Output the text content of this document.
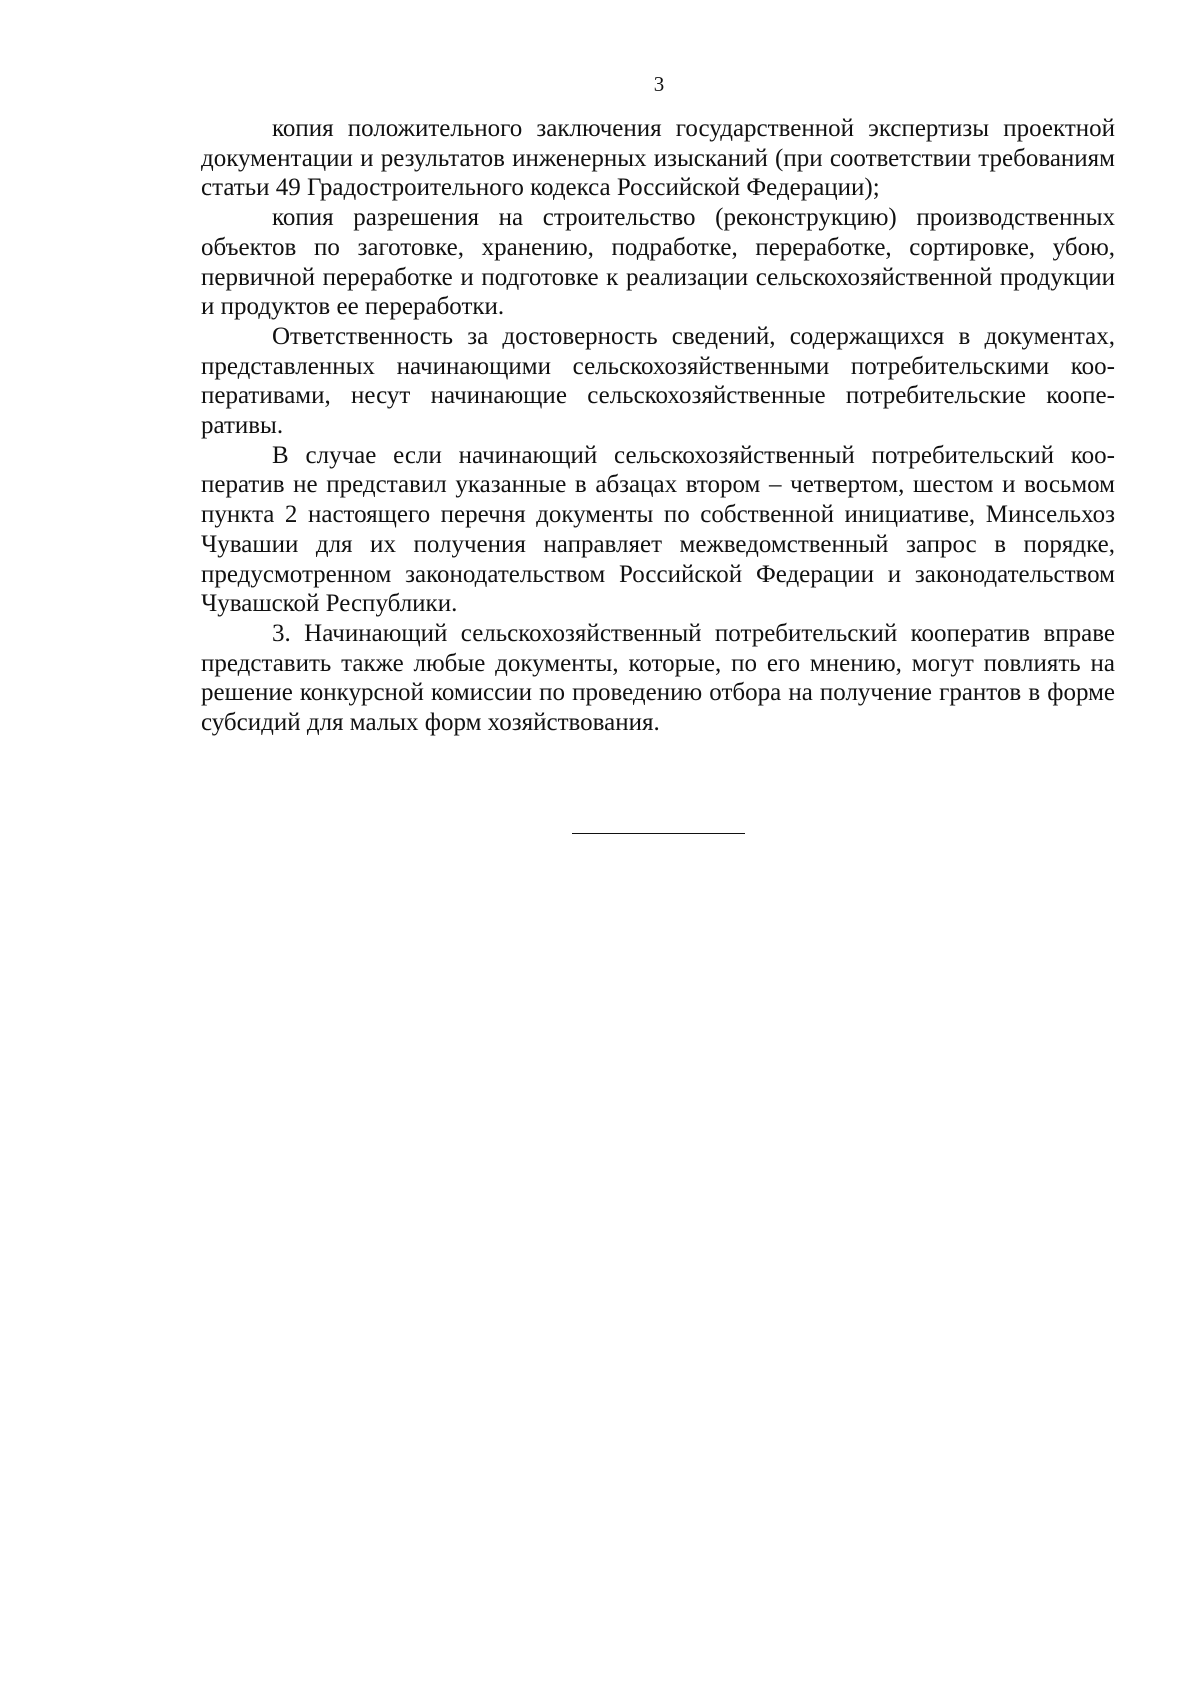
3

копия положительного заключения государственной экспертизы проектной документации и результатов инженерных изысканий (при соответствии требованиям статьи 49 Градостроительного кодекса Российской Федерации);

копия разрешения на строительство (реконструкцию) производственных объектов по заготовке, хранению, подработке, переработке, сортировке, убою, первичной переработке и подготовке к реализации сельскохозяйственной продукции и продуктов ее переработки.

Ответственность за достоверность сведений, содержащихся в документах, представленных начинающими сельскохозяйственными потребительскими кооперативами, несут начинающие сельскохозяйственные потребительские кооперативы.

В случае если начинающий сельскохозяйственный потребительский кооператив не представил указанные в абзацах втором – четвертом, шестом и восьмом пункта 2 настоящего перечня документы по собственной инициативе, Минсельхоз Чувашии для их получения направляет межведомственный запрос в порядке, предусмотренном законодательством Российской Федерации и законодательством Чувашской Республики.

3. Начинающий сельскохозяйственный потребительский кооператив вправе представить также любые документы, которые, по его мнению, могут повлиять на решение конкурсной комиссии по проведению отбора на получение грантов в форме субсидий для малых форм хозяйствования.
